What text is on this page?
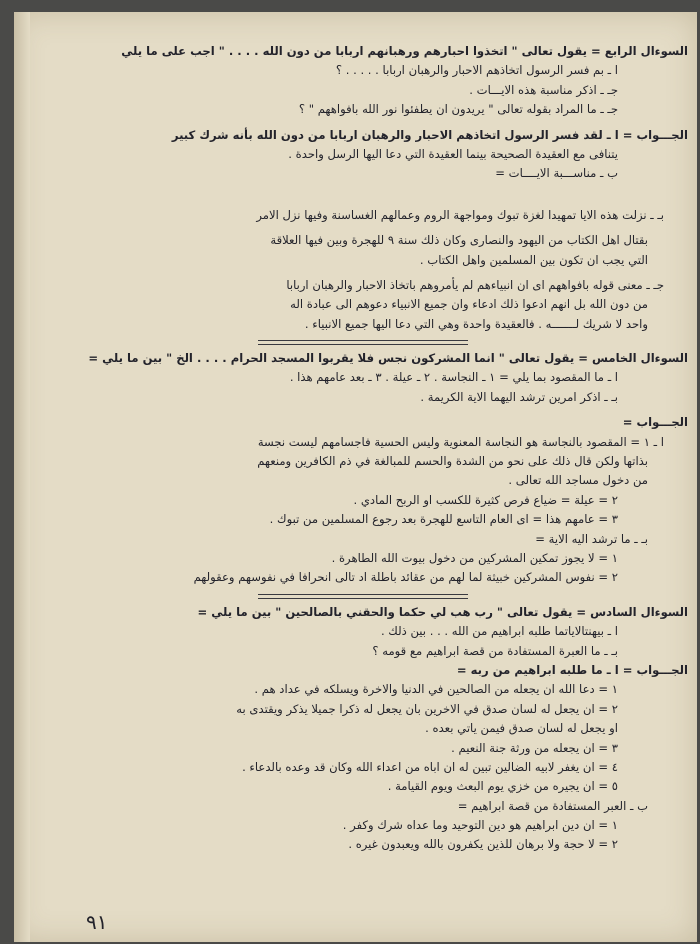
السوءال الرابع = يقول تعالى " اتخذوا احبارهم ورهبانهم اربابا من دون الله . . . . " اجب على ما يلي
ا ـ بم فسر الرسول اتخاذهم الاحبار والرهبان اربابا . . . . . ؟
جـ ـ اذكر مناسبة هذه الايـــات .
جـ ـ ما المراد بقوله تعالى " يريدون ان يطفئوا نور الله بافواههم " ؟
الجـــواب = ا ـ لقد فسر الرسول اتخاذهم الاحبار والرهبان اربابا من دون الله بأنه شرك كبير
يتنافى مع العقيدة الصحيحة بينما العقيدة التي دعا اليها الرسل واحدة .
ب ـ مناســـبة الايــــات =
بـ ـ نزلت هذه الايا تمهيدا لغزة تبوك ومواجهة الروم وعمالهم الغساسنة وفيها نزل الامر
بقتال اهل الكتاب من اليهود والنصارى وكان ذلك سنة ٩ للهجرة وبين فيها العلاقة
التي يجب ان تكون بين المسلمين واهل الكتاب .
جـ ـ معنى قوله بافواههم اى ان انبياءهم لم يأمروهم باتخاذ الاحبار والرهبان اربابا
من دون الله بل انهم ادعوا ذلك ادعاء وان جميع الانبياء دعوهم الى عبادة اله
واحد لا شريك لـــــــه . فالعقيدة واحدة وهي التي دعا اليها جميع الانبياء .
السوءال الخامس = يقول تعالى " انما المشركون نجس فلا يقربوا المسجد الحرام . . . . الخ " بين ما يلي =
ا ـ ما المقصود بما يلي = ١ ـ النجاسة . ٢ ـ عيلة . ٣ ـ بعد عامهم هذا .
بـ ـ اذكر امرين ترشد اليهما الاية الكريمة .
الجـــواب =
ا ـ ١ = المقصود بالنجاسة هو النجاسة المعنوية وليس الحسية فاجسامهم ليست نجسة
بذاتها ولكن قال ذلك على نحو من الشدة والحسم للمبالغة في ذم الكافرين ومنعهم
من دخول مساجد الله تعالى .
٢ = عيلة = ضياع فرص كثيرة للكسب او الربح المادي .
٣ = عامهم هذا = اى العام التاسع للهجرة بعد رجوع المسلمين من تبوك .
بـ ـ ما ترشد اليه الاية =
١ = لا يجوز تمكين المشركين من دخول بيوت الله الطاهرة .
٢ = نفوس المشركين خبيثة لما لهم من عقائد باطلة اد تالى انحرافا في نفوسهم وعقولهم
السوءال السادس = يقول تعالى " رب هب لي حكما والحقني بالصالحين " بين ما يلي =
ا ـ بيهنتالاياتما طلبه ابراهيم من الله . . . بين ذلك .
بـ ـ ما العبرة المستفادة من قصة ابراهيم مع قومه ؟
الجـــواب = ا ـ ما طلبه ابراهيم من ربه =
١ = دعا الله ان يجعله من الصالحين في الدنيا والاخرة ويسلكه في عداد هم .
٢ = ان يجعل له لسان صدق في الاخرين بان يجعل له ذكرا جميلا يذكر ويقتدى به
او يجعل له لسان صدق فيمن ياتي بعده .
٣ = ان يجعله من ورثة جنة النعيم .
٤ = ان يغفر لابيه الضالين تبين له ان اباه من اعداء الله وكان قد وعده بالدعاء .
٥ = ان يجيره من خزي يوم البعث ويوم القيامة .
ب ـ العبر المستفادة من قصة ابراهيم =
١ = ان دين ابراهيم هو دين التوحيد وما عداه شرك وكفر .
٢ = لا حجة ولا برهان للذين يكفرون بالله ويعبدون غيره .
٩١
